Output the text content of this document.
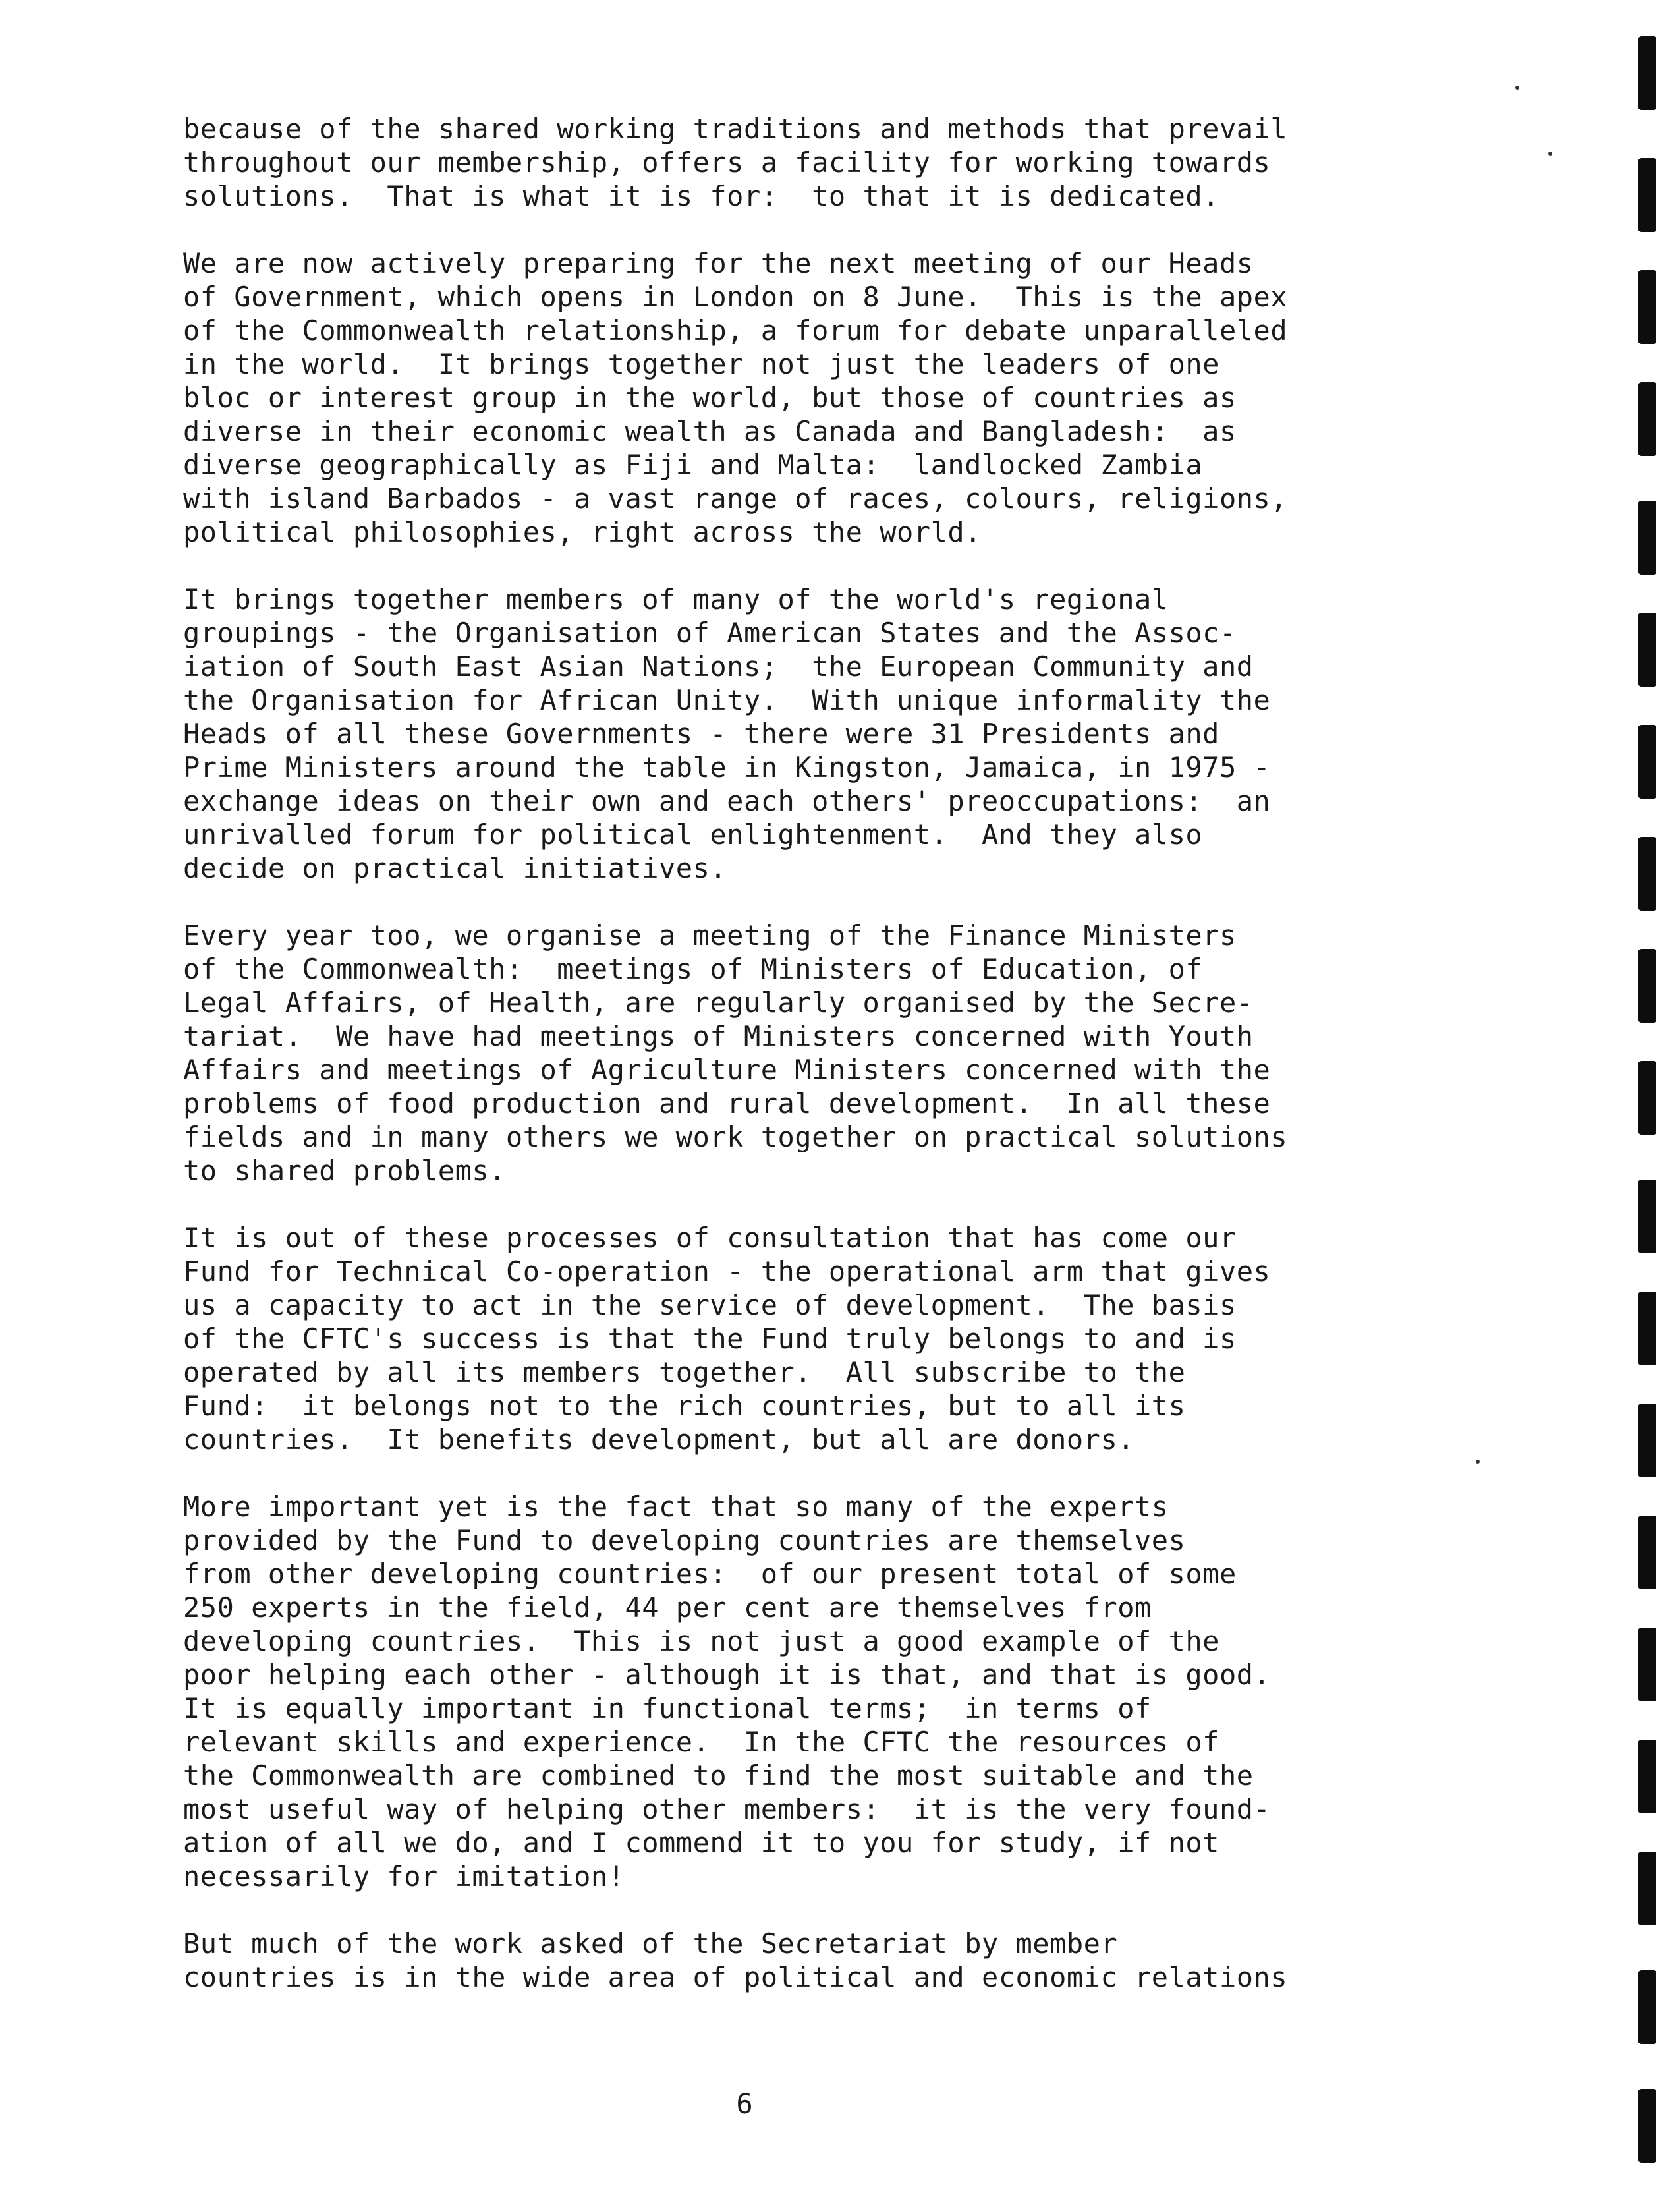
because of the shared working traditions and methods that prevail
throughout our membership, offers a facility for working towards
solutions.  That is what it is for:  to that it is dedicated.
We are now actively preparing for the next meeting of our Heads
of Government, which opens in London on 8 June.  This is the apex
of the Commonwealth relationship, a forum for debate unparalleled
in the world.  It brings together not just the leaders of one
bloc or interest group in the world, but those of countries as
diverse in their economic wealth as Canada and Bangladesh:  as
diverse geographically as Fiji and Malta:  landlocked Zambia
with island Barbados - a vast range of races, colours, religions,
political philosophies, right across the world.
It brings together members of many of the world's regional
groupings - the Organisation of American States and the Assoc-
iation of South East Asian Nations;  the European Community and
the Organisation for African Unity.  With unique informality the
Heads of all these Governments - there were 31 Presidents and
Prime Ministers around the table in Kingston, Jamaica, in 1975 -
exchange ideas on their own and each others' preoccupations:  an
unrivalled forum for political enlightenment.  And they also
decide on practical initiatives.
Every year too, we organise a meeting of the Finance Ministers
of the Commonwealth:  meetings of Ministers of Education, of
Legal Affairs, of Health, are regularly organised by the Secre-
tariat.  We have had meetings of Ministers concerned with Youth
Affairs and meetings of Agriculture Ministers concerned with the
problems of food production and rural development.  In all these
fields and in many others we work together on practical solutions
to shared problems.
It is out of these processes of consultation that has come our
Fund for Technical Co-operation - the operational arm that gives
us a capacity to act in the service of development.  The basis
of the CFTC's success is that the Fund truly belongs to and is
operated by all its members together.  All subscribe to the
Fund:  it belongs not to the rich countries, but to all its
countries.  It benefits development, but all are donors.
More important yet is the fact that so many of the experts
provided by the Fund to developing countries are themselves
from other developing countries:  of our present total of some
250 experts in the field, 44 per cent are themselves from
developing countries.  This is not just a good example of the
poor helping each other - although it is that, and that is good.
It is equally important in functional terms;  in terms of
relevant skills and experience.  In the CFTC the resources of
the Commonwealth are combined to find the most suitable and the
most useful way of helping other members:  it is the very found-
ation of all we do, and I commend it to you for study, if not
necessarily for imitation!
But much of the work asked of the Secretariat by member
countries is in the wide area of political and economic relations
6
